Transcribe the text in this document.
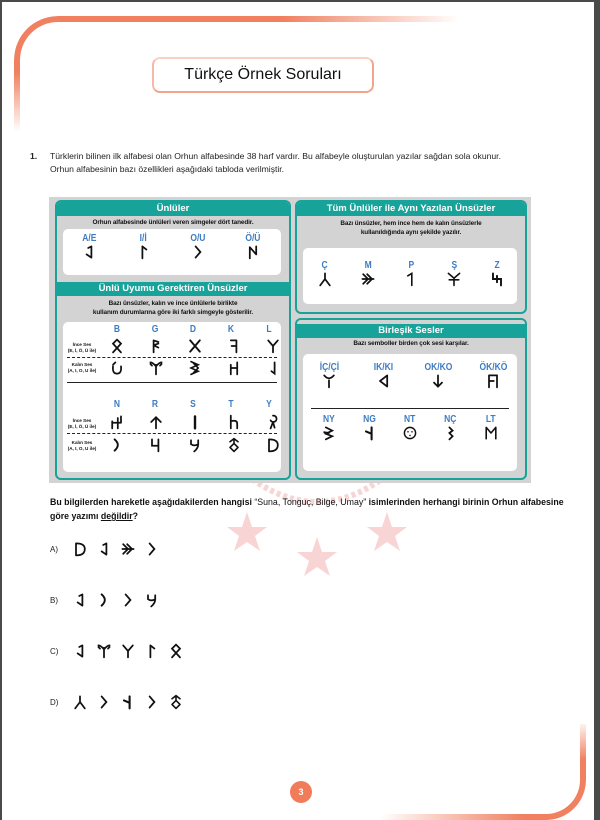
Türkçe Örnek Soruları
1. Türklerin bilinen ilk alfabesi olan Orhun alfabesinde 38 harf vardır. Bu alfabeyle oluşturulan yazılar sağdan sola okunur.
Orhun alfabesinin bazı özellikleri aşağıdaki tabloda verilmiştir.
Ünlüler
Orhun alfabesinde ünlüleri veren simgeler dört tanedir.
A/E	I/İ	O/U	Ö/Ü
Ünlü Uyumu Gerektiren Ünsüzler
Bazı ünsüzler, kalın ve ince ünlülerle birlikte
kullanım durumlarına göre iki farklı simgeyle gösterilir.
B	G	D	K	L
İnce Ses
(E, İ, Ö, Ü ile)
Kalın Ses
(A, I, O, U ile)
N	R	S	T	Y
İnce Ses
(E, İ, Ö, Ü ile)
Kalın Ses
(A, I, O, U ile)
Tüm Ünlüler ile Aynı Yazılan Ünsüzler
Bazı ünsüzler, hem ince hem de kalın ünsüzlerle
kullanıldığında aynı şekilde yazılır.
Ç	M	P	Ş	Z
Birleşik Sesler
Bazı semboller birden çok sesi karşılar.
İÇ/Çİ	IK/KI	OK/KO	ÖK/KÖ
NY	NG	NT	NÇ	LT
Bu bilgilerden hareketle aşağıdakilerden hangisi “Suna, Tonguç, Bilge, Umay” isimlerinden herhangi birinin Orhun alfabesine göre yazımı değildir?
A)
B)
C)
D)
3
